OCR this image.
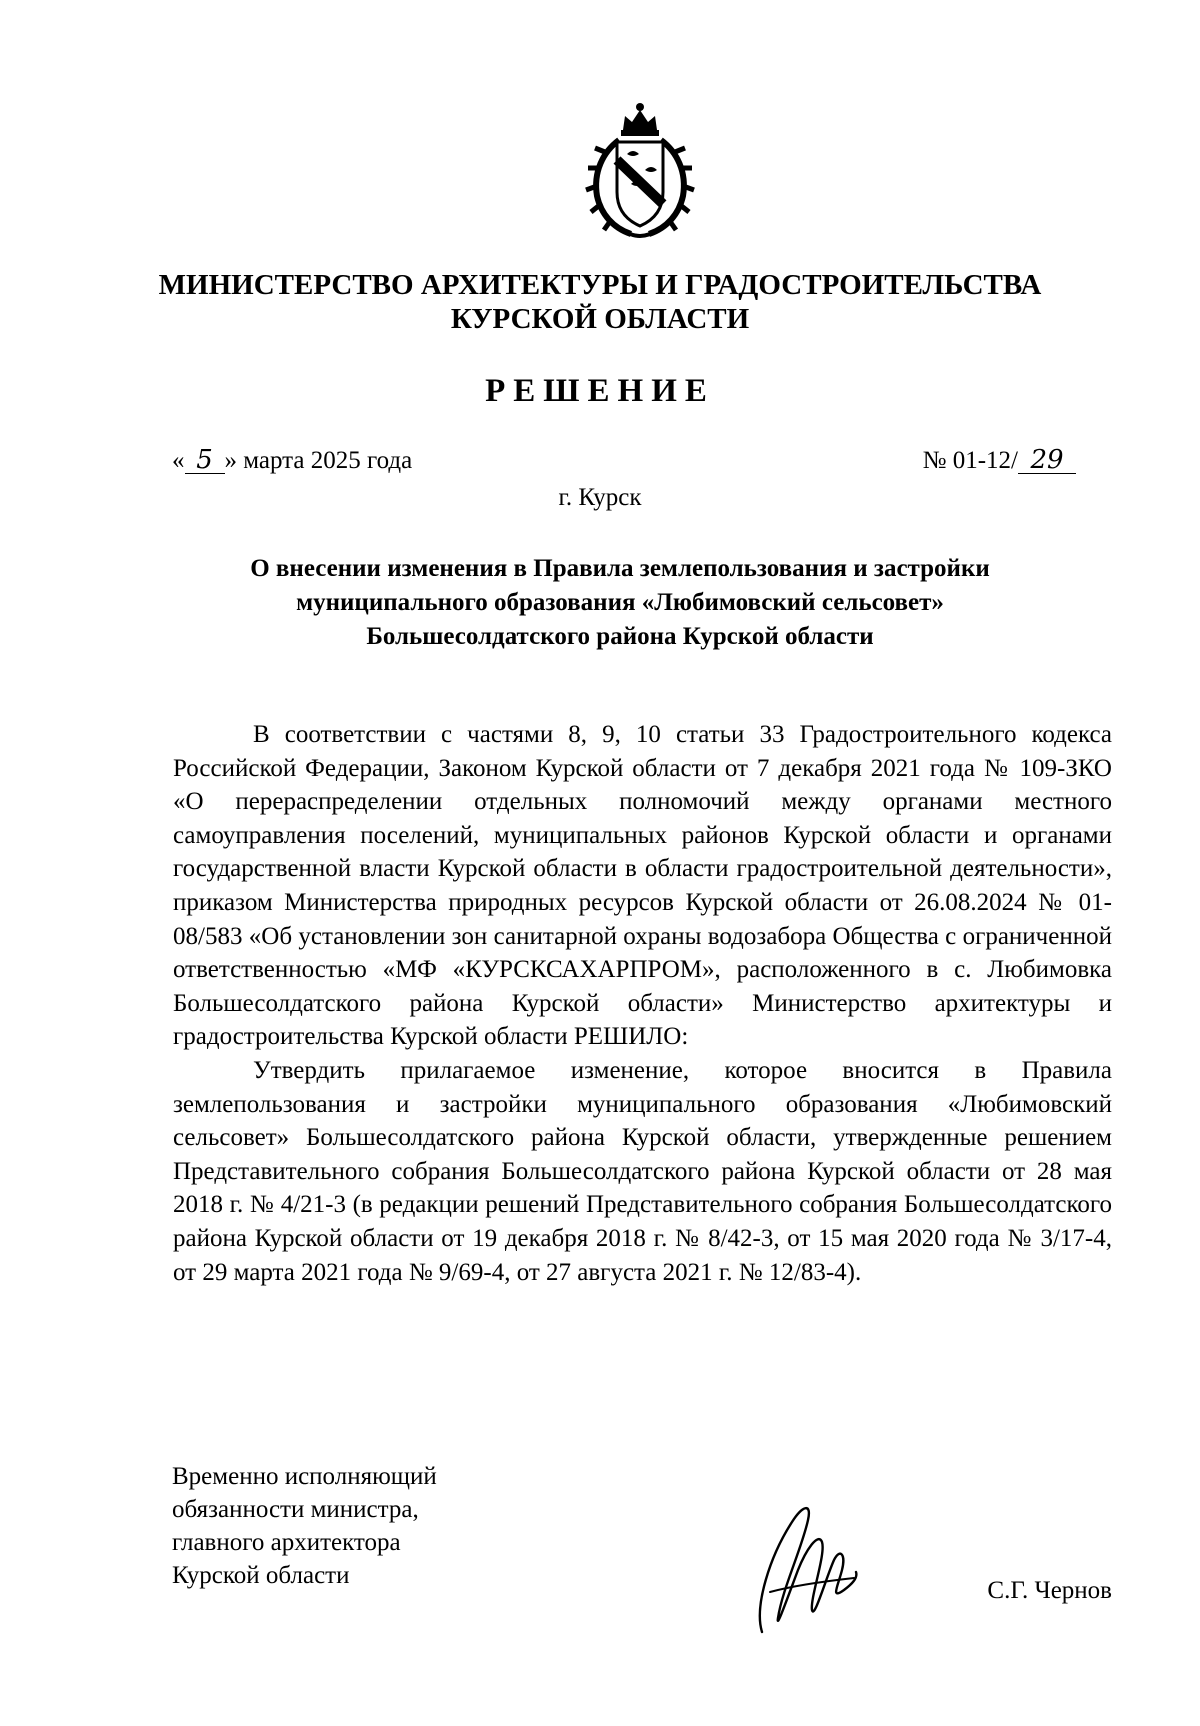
МИНИСТЕРСТВО АРХИТЕКТУРЫ И ГРАДОСТРОИТЕЛЬСТВА
КУРСКОЙ ОБЛАСТИ
РЕШЕНИЕ
« 5 » марта 2025 года	№ 01-12/ 29
г. Курск
О внесении изменения в Правила землепользования и застройки
муниципального образования «Любимовский сельсовет»
Большесолдатского района Курской области

В соответствии с частями 8, 9, 10 статьи 33 Градостроительного кодекса Российской Федерации, Законом Курской области от 7 декабря 2021 года № 109-ЗКО «О перераспределении отдельных полномочий между органами местного самоуправления поселений, муниципальных районов Курской области и органами государственной власти Курской области в области градостроительной деятельности», приказом Министерства природных ресурсов Курской области от 26.08.2024 № 01-08/583 «Об установлении зон санитарной охраны водозабора Общества с ограниченной ответственностью «МФ «КУРСКСАХАРПРОМ», расположенного в с. Любимовка Большесолдатского района Курской области» Министерство архитектуры и градостроительства Курской области РЕШИЛО:

Утвердить прилагаемое изменение, которое вносится в Правила землепользования и застройки муниципального образования «Любимовский сельсовет» Большесолдатского района Курской области, утвержденные решением Представительного собрания Большесолдатского района Курской области от 28 мая 2018 г. № 4/21-3 (в редакции решений Представительного собрания Большесолдатского района Курской области от 19 декабря 2018 г. № 8/42-3, от 15 мая 2020 года № 3/17-4, от 29 марта 2021 года № 9/69-4, от 27 августа 2021 г. № 12/83-4).

Временно исполняющий
обязанности министра,
главного архитектора
Курской области
С.Г. Чернов
